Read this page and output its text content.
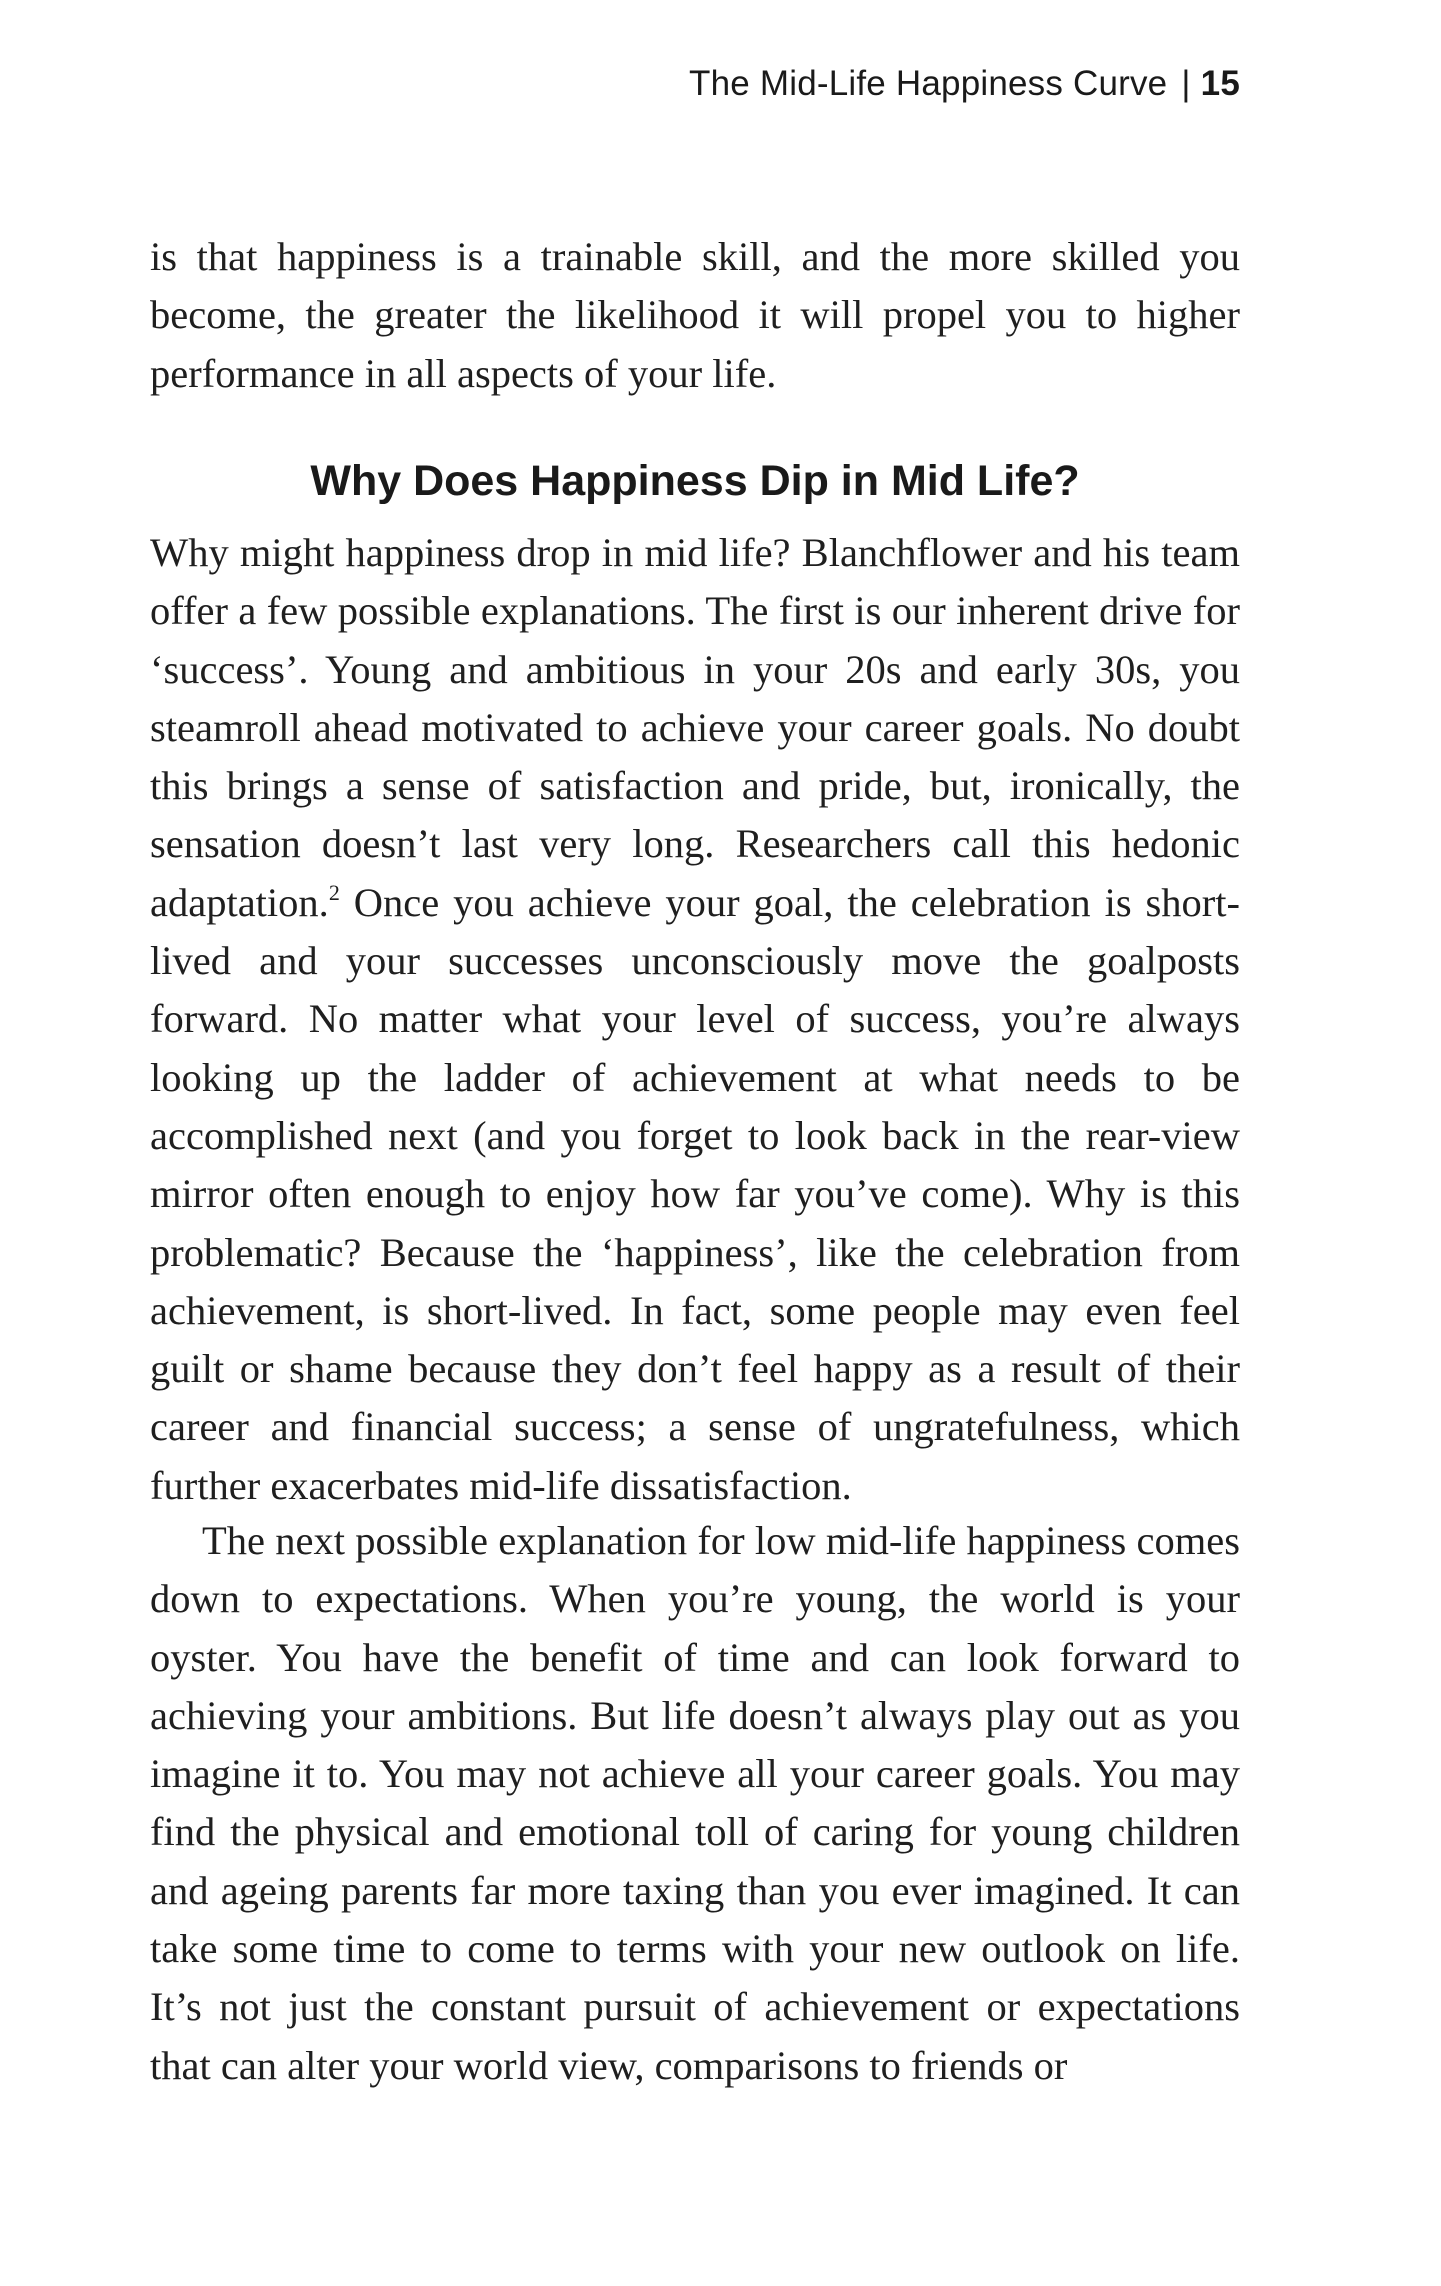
The Mid-Life Happiness Curve | 15

is that happiness is a trainable skill, and the more skilled you become, the greater the likelihood it will propel you to higher performance in all aspects of your life.

Why Does Happiness Dip in Mid Life?

Why might happiness drop in mid life? Blanchflower and his team offer a few possible explanations. The first is our inherent drive for ‘success’. Young and ambitious in your 20s and early 30s, you steamroll ahead motivated to achieve your career goals. No doubt this brings a sense of satisfaction and pride, but, ironically, the sensation doesn’t last very long. Researchers call this hedonic adaptation.$^2$ Once you achieve your goal, the celebration is short-lived and your successes unconsciously move the goalposts forward. No matter what your level of success, you’re always looking up the ladder of achievement at what needs to be accomplished next (and you forget to look back in the rear-view mirror often enough to enjoy how far you’ve come). Why is this problematic? Because the ‘happiness’, like the celebration from achievement, is short-lived. In fact, some people may even feel guilt or shame because they don’t feel happy as a result of their career and financial success; a sense of ungratefulness, which further exacerbates mid-life dissatisfaction.

The next possible explanation for low mid-life happiness comes down to expectations. When you’re young, the world is your oyster. You have the benefit of time and can look forward to achieving your ambitions. But life doesn’t always play out as you imagine it to. You may not achieve all your career goals. You may find the physical and emotional toll of caring for young children and ageing parents far more taxing than you ever imagined. It can take some time to come to terms with your new outlook on life. It’s not just the constant pursuit of achievement or expectations that can alter your world view, comparisons to friends or
